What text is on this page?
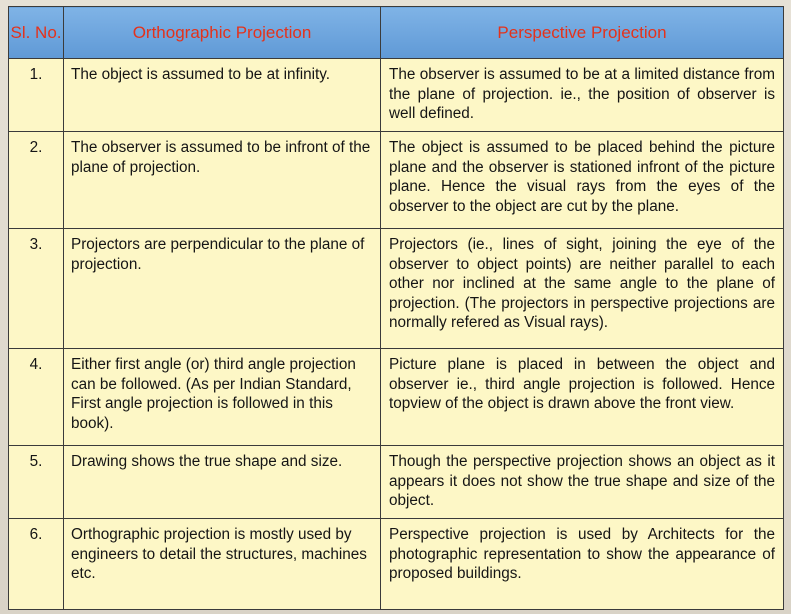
Sl. No.	Orthographic Projection	Perspective Projection
1.	The object is assumed to be at infinity.	The observer is assumed to be at a limited distance from the plane of projection. ie., the position of observer is well defined.
2.	The observer is assumed to be infront of the plane of projection.	The object is assumed to be placed behind the picture plane and the observer is stationed infront of the picture plane. Hence the visual rays from the eyes of the observer to the object are cut by the plane.
3.	Projectors are perpendicular to the plane of projection.	Projectors (ie., lines of sight, joining the eye of the observer to object points) are neither parallel to each other nor inclined at the same angle to the plane of projection. (The projectors in perspective projections are normally refered as Visual rays).
4.	Either first angle (or) third angle projection can be followed. (As per Indian Standard, First angle projection is followed in this book).	Picture plane is placed in between the object and observer ie., third angle projection is followed. Hence topview of the object is drawn above the front view.
5.	Drawing shows the true shape and size.	Though the perspective projection shows an object as it appears it does not show the true shape and size of the object.
6.	Orthographic projection is mostly used by engineers to detail the structures, machines etc.	Perspective projection is used by Architects for the photographic representation to show the appearance of proposed buildings.
